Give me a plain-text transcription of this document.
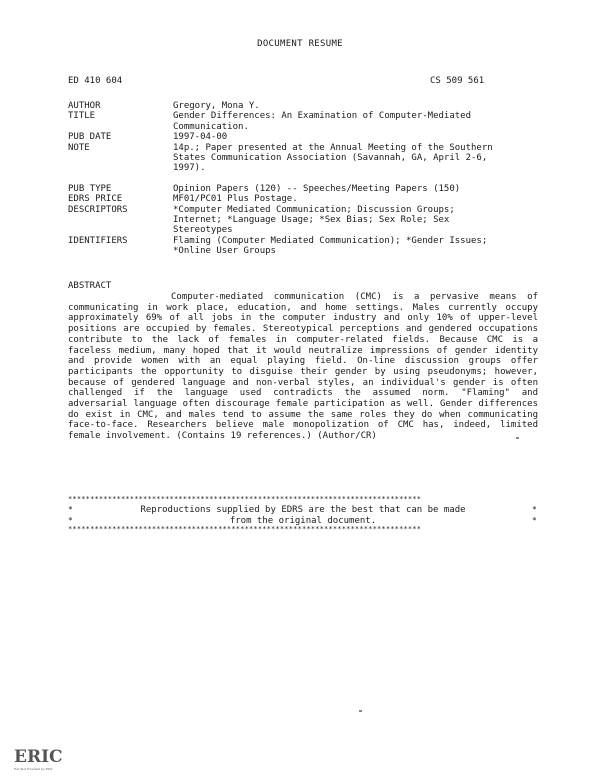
DOCUMENT RESUME
ED 410 604	CS 509 561
AUTHOR	Gregory, Mona Y.
TITLE	Gender Differences: An Examination of Computer-Mediated
Communication.
PUB DATE	1997-04-00
NOTE	14p.; Paper presented at the Annual Meeting of the Southern
States Communication Association (Savannah, GA, April 2-6,
1997).
PUB TYPE	Opinion Papers (120) -- Speeches/Meeting Papers (150)
EDRS PRICE	MF01/PC01 Plus Postage.
DESCRIPTORS	*Computer Mediated Communication; Discussion Groups;
Internet; *Language Usage; *Sex Bias; Sex Role; Sex
Stereotypes
IDENTIFIERS	Flaming (Computer Mediated Communication); *Gender Issues;
*Online User Groups
ABSTRACT
Computer-mediated communication (CMC) is a pervasive means of communicating in work place, education, and home settings. Males currently occupy approximately 69% of all jobs in the computer industry and only 10% of upper-level positions are occupied by females. Stereotypical perceptions and gendered occupations contribute to the lack of females in computer-related fields. Because CMC is a faceless medium, many hoped that it would neutralize impressions of gender identity and provide women with an equal playing field. On-line discussion groups offer participants the opportunity to disguise their gender by using pseudonyms; however, because of gendered language and non-verbal styles, an individual's gender is often challenged if the language used contradicts the assumed norm. "Flaming" and adversarial language often discourage female participation as well. Gender differences do exist in CMC, and males tend to assume the same roles they do when communicating face-to-face. Researchers believe male monopolization of CMC has, indeed, limited female involvement. (Contains 19 references.) (Author/CR)
********************************************************************************
*	*
Reproductions supplied by EDRS are the best that can be made
from the original document.
*	*
********************************************************************************
ERIC
Full Text Provided by ERIC
